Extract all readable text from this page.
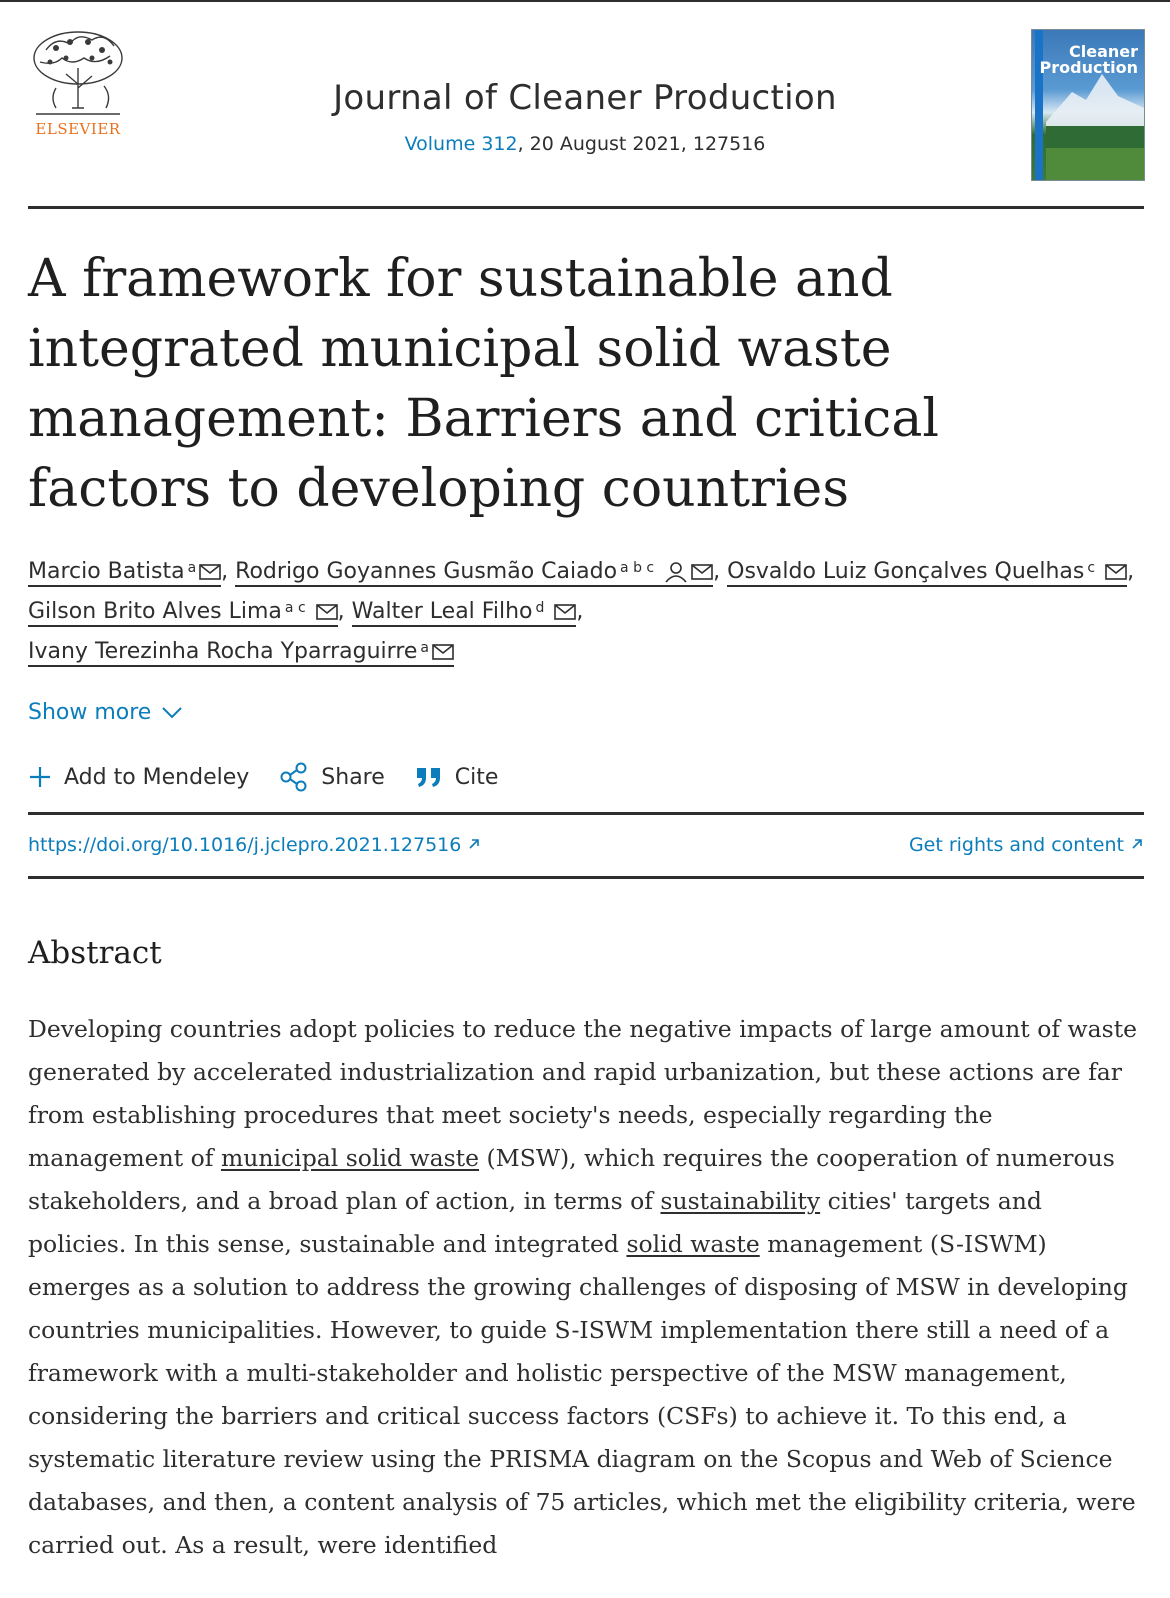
ELSEVIER
Journal of Cleaner Production
Volume 312, 20 August 2021, 127516
Cleaner
Production
A framework for sustainable and integrated municipal solid waste management: Barriers and critical factors to developing countries
Marcio Batista $^a$ , Rodrigo Goyannes Gusmão Caiado $^{a b c}$	, Osvaldo Luiz Gonçalves Quelhas $^c$ , Gilson Brito Alves Lima $^{a c}$ , Walter Leal Filho $^d$ ,
Ivany Terezinha Rocha Yparraguirre $^a$
Show more
Add to Mendeley	Share	Cite
https://doi.org/10.1016/j.jclepro.2021.127516	Get rights and content
Abstract
Developing countries adopt policies to reduce the negative impacts of large amount of waste generated by accelerated industrialization and rapid urbanization, but these actions are far from establishing procedures that meet society's needs, especially regarding the management of municipal solid waste (MSW), which requires the cooperation of numerous stakeholders, and a broad plan of action, in terms of sustainability cities' targets and policies. In this sense, sustainable and integrated solid waste management (S-ISWM) emerges as a solution to address the growing challenges of disposing of MSW in developing countries municipalities. However, to guide S-ISWM implementation there still a need of a framework with a multi-stakeholder and holistic perspective of the MSW management, considering the barriers and critical success factors (CSFs) to achieve it. To this end, a systematic literature review using the PRISMA diagram on the Scopus and Web of Science databases, and then, a content analysis of 75 articles, which met the eligibility criteria, were carried out. As a result, were identified
